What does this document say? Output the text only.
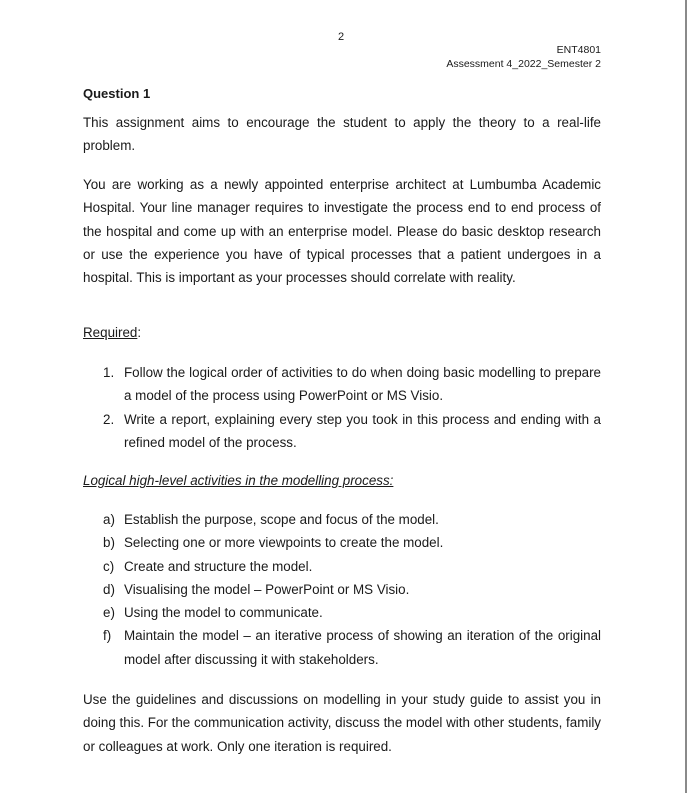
2
ENT4801
Assessment 4_2022_Semester 2
Question 1
This assignment aims to encourage the student to apply the theory to a real-life problem.
You are working as a newly appointed enterprise architect at Lumbumba Academic Hospital. Your line manager requires to investigate the process end to end process of the hospital and come up with an enterprise model. Please do basic desktop research or use the experience you have of typical processes that a patient undergoes in a hospital. This is important as your processes should correlate with reality.
Required:
1. Follow the logical order of activities to do when doing basic modelling to prepare a model of the process using PowerPoint or MS Visio.
2. Write a report, explaining every step you took in this process and ending with a refined model of the process.
Logical high-level activities in the modelling process:
a) Establish the purpose, scope and focus of the model.
b) Selecting one or more viewpoints to create the model.
c) Create and structure the model.
d) Visualising the model – PowerPoint or MS Visio.
e) Using the model to communicate.
f) Maintain the model – an iterative process of showing an iteration of the original model after discussing it with stakeholders.
Use the guidelines and discussions on modelling in your study guide to assist you in doing this. For the communication activity, discuss the model with other students, family or colleagues at work. Only one iteration is required.
